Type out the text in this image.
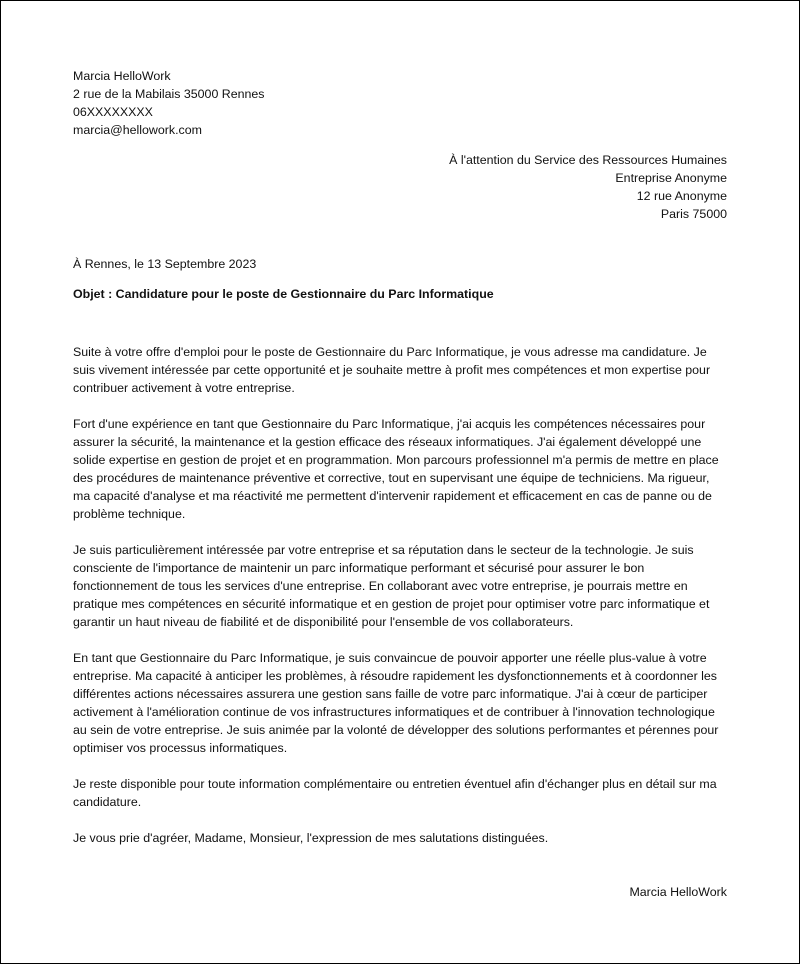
Marcia HelloWork
2 rue de la Mabilais 35000 Rennes
06XXXXXXXX
marcia@hellowork.com
À l'attention du Service des Ressources Humaines
Entreprise Anonyme
12 rue Anonyme
Paris 75000
À Rennes, le 13 Septembre 2023
Objet : Candidature pour le poste de Gestionnaire du Parc Informatique

Suite à votre offre d'emploi pour le poste de Gestionnaire du Parc Informatique, je vous adresse ma candidature. Je suis vivement intéressée par cette opportunité et je souhaite mettre à profit mes compétences et mon expertise pour contribuer activement à votre entreprise.

Fort d'une expérience en tant que Gestionnaire du Parc Informatique, j'ai acquis les compétences nécessaires pour assurer la sécurité, la maintenance et la gestion efficace des réseaux informatiques. J'ai également développé une solide expertise en gestion de projet et en programmation. Mon parcours professionnel m'a permis de mettre en place des procédures de maintenance préventive et corrective, tout en supervisant une équipe de techniciens. Ma rigueur, ma capacité d'analyse et ma réactivité me permettent d'intervenir rapidement et efficacement en cas de panne ou de problème technique.

Je suis particulièrement intéressée par votre entreprise et sa réputation dans le secteur de la technologie. Je suis consciente de l'importance de maintenir un parc informatique performant et sécurisé pour assurer le bon fonctionnement de tous les services d'une entreprise. En collaborant avec votre entreprise, je pourrais mettre en pratique mes compétences en sécurité informatique et en gestion de projet pour optimiser votre parc informatique et garantir un haut niveau de fiabilité et de disponibilité pour l'ensemble de vos collaborateurs.

En tant que Gestionnaire du Parc Informatique, je suis convaincue de pouvoir apporter une réelle plus-value à votre entreprise. Ma capacité à anticiper les problèmes, à résoudre rapidement les dysfonctionnements et à coordonner les différentes actions nécessaires assurera une gestion sans faille de votre parc informatique. J'ai à cœur de participer activement à l'amélioration continue de vos infrastructures informatiques et de contribuer à l'innovation technologique au sein de votre entreprise. Je suis animée par la volonté de développer des solutions performantes et pérennes pour optimiser vos processus informatiques.

Je reste disponible pour toute information complémentaire ou entretien éventuel afin d'échanger plus en détail sur ma candidature.

Je vous prie d'agréer, Madame, Monsieur, l'expression de mes salutations distinguées.
Marcia HelloWork
